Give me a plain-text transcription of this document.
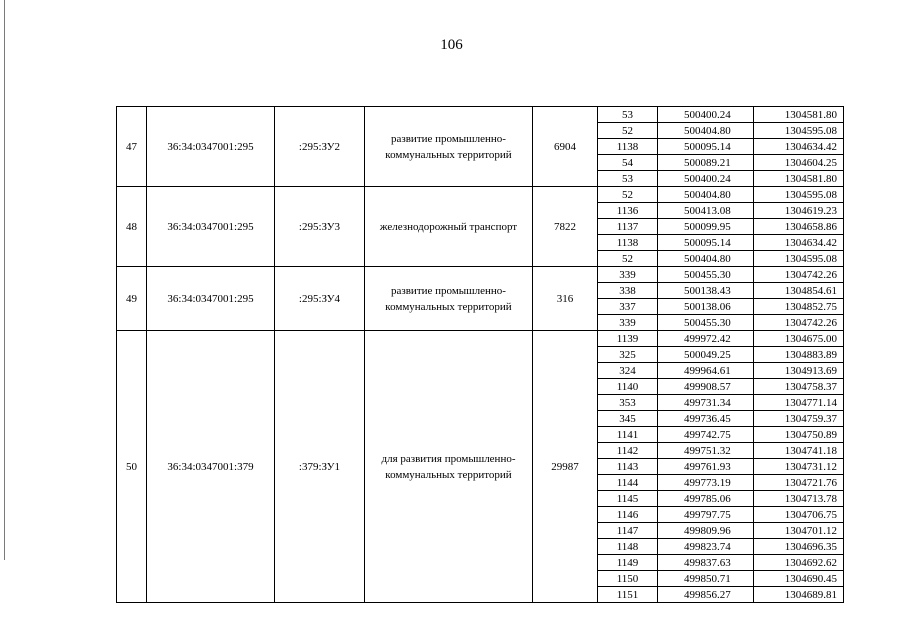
106
47	36:34:0347001:295	:295:ЗУ2	развитие промышленно-коммунальных территорий	6904	53	500400.24	1304581.80
					52	500404.80	1304595.08
					1138	500095.14	1304634.42
					54	500089.21	1304604.25
					53	500400.24	1304581.80
48	36:34:0347001:295	:295:ЗУ3	железнодорожный транспорт	7822	52	500404.80	1304595.08
					1136	500413.08	1304619.23
					1137	500099.95	1304658.86
					1138	500095.14	1304634.42
					52	500404.80	1304595.08
49	36:34:0347001:295	:295:ЗУ4	развитие промышленно-коммунальных территорий	316	339	500455.30	1304742.26
					338	500138.43	1304854.61
					337	500138.06	1304852.75
					339	500455.30	1304742.26
50	36:34:0347001:379	:379:ЗУ1	для развития промышленно-коммунальных территорий	29987	1139	499972.42	1304675.00
					325	500049.25	1304883.89
					324	499964.61	1304913.69
					1140	499908.57	1304758.37
					353	499731.34	1304771.14
					345	499736.45	1304759.37
					1141	499742.75	1304750.89
					1142	499751.32	1304741.18
					1143	499761.93	1304731.12
					1144	499773.19	1304721.76
					1145	499785.06	1304713.78
					1146	499797.75	1304706.75
					1147	499809.96	1304701.12
					1148	499823.74	1304696.35
					1149	499837.63	1304692.62
					1150	499850.71	1304690.45
					1151	499856.27	1304689.81
